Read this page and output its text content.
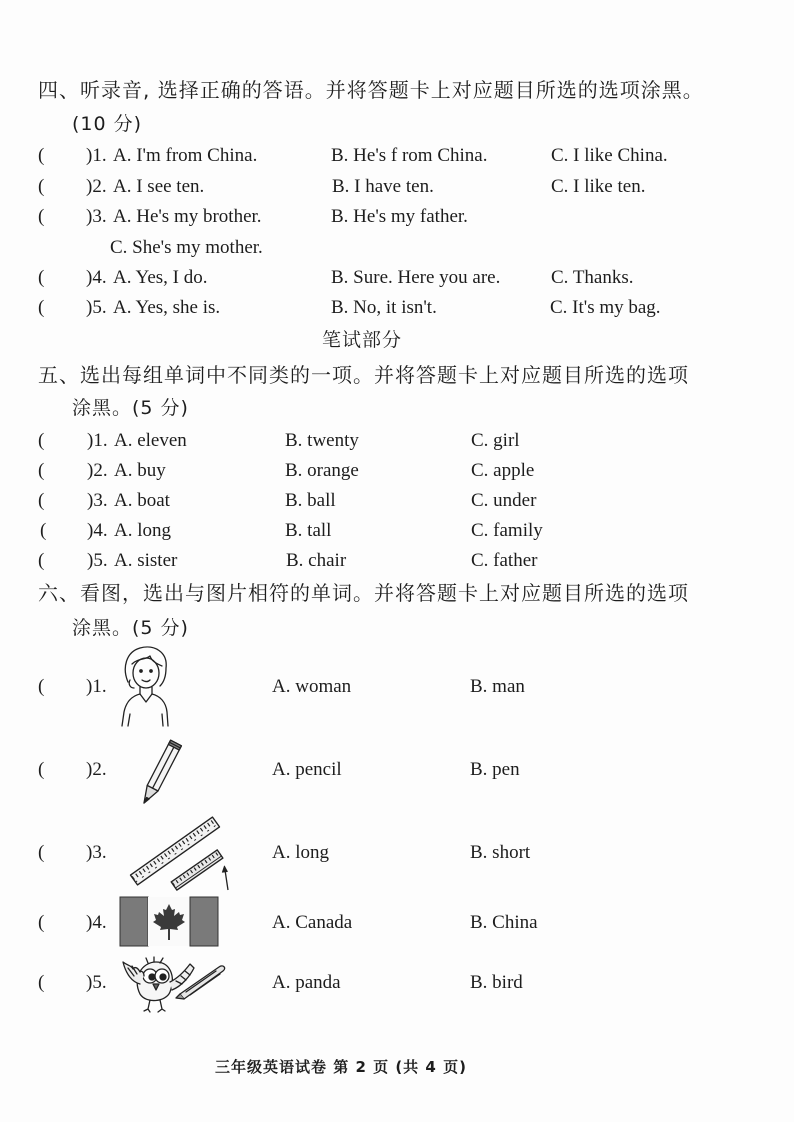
四、听录音, 选择正确的答语。并将答题卡上对应题目所选的选项涂黑。
(10 分)
( )1. A. I'm from China.	B. He's f rom China.	C. I like China.
( )2. A. I see ten.	B. I have ten.	C. I like ten.
( )3. A. He's my brother.	B. He's my father.
C. She's my mother.
( )4. A. Yes, I do.	B. Sure. Here you are.	C. Thanks.
( )5. A. Yes, she is.	B. No, it isn't.	C. It's my bag.
笔试部分
五、选出每组单词中不同类的一项。并将答题卡上对应题目所选的选项
涂黑。(5 分)
( )1. A. eleven	B. twenty	C. girl
( )2. A. buy	B. orange	C. apple
( )3. A. boat	B. ball	C. under
( )4. A. long	B. tall	C. family
( )5. A. sister	B. chair	C. father
六、看图，选出与图片相符的单词。并将答题卡上对应题目所选的选项
涂黑。(5 分)
( )1.	A. woman	B. man
( )2.	A. pencil	B. pen
( )3.	A. long	B. short
( )4.	A. Canada	B. China
( )5.	A. panda	B. bird
三年级英语试卷 第 2 页 (共 4 页)
